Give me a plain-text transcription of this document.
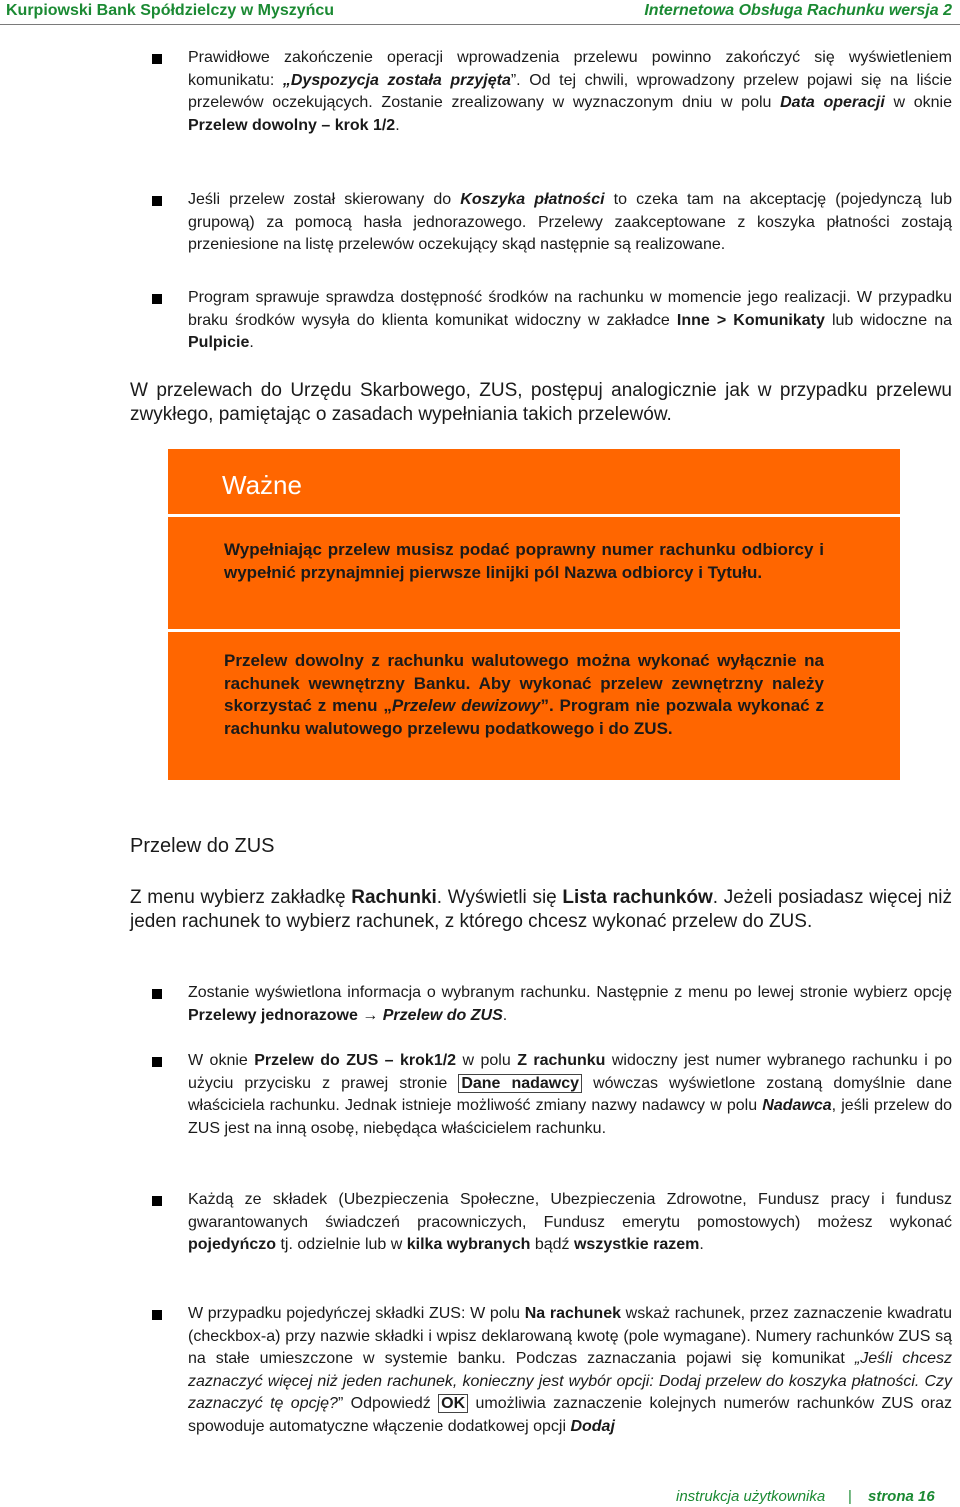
Kurpiowski Bank Spółdzielczy w Myszyńcu	Internetowa Obsługa Rachunku wersja 2
Prawidłowe zakończenie operacji wprowadzenia przelewu powinno zakończyć się wyświetleniem komunikatu: „Dyspozycja została przyjęta”. Od tej chwili, wprowadzony przelew pojawi się na liście przelewów oczekujących. Zostanie zrealizowany w wyznaczonym dniu w polu Data operacji w oknie Przelew dowolny – krok 1/2.
Jeśli przelew został skierowany do Koszyka płatności to czeka tam na akceptację (pojedynczą lub grupową) za pomocą hasła jednorazowego. Przelewy zaakceptowane z koszyka płatności zostają przeniesione na listę przelewów oczekujący skąd następnie są realizowane.
Program sprawuje sprawdza dostępność środków na rachunku w momencie jego realizacji. W przypadku braku środków wysyła do klienta komunikat widoczny w zakładce Inne > Komunikaty lub widoczne na Pulpicie.
W przelewach do Urzędu Skarbowego, ZUS, postępuj analogicznie jak w przypadku przelewu zwykłego, pamiętając o zasadach wypełniania takich przelewów.
Ważne
Wypełniając przelew musisz podać poprawny numer rachunku odbiorcy i wypełnić przynajmniej pierwsze linijki pól Nazwa odbiorcy i Tytułu.
Przelew dowolny z rachunku walutowego można wykonać wyłącznie na rachunek wewnętrzny Banku. Aby wykonać przelew zewnętrzny należy skorzystać z menu „Przelew dewizowy”. Program nie pozwala wykonać z rachunku walutowego przelewu podatkowego i do ZUS.
Przelew do ZUS
Z menu wybierz zakładkę Rachunki. Wyświetli się Lista rachunków. Jeżeli posiadasz więcej niż jeden rachunek to wybierz rachunek, z którego chcesz wykonać przelew do ZUS.
Zostanie wyświetlona informacja o wybranym rachunku. Następnie z menu po lewej stronie wybierz opcję Przelewy jednorazowe → Przelew do ZUS.
W oknie Przelew do ZUS – krok1/2 w polu Z rachunku widoczny jest numer wybranego rachunku i po użyciu przycisku z prawej stronie Dane nadawcy wówczas wyświetlone zostaną domyślnie dane właściciela rachunku. Jednak istnieje możliwość zmiany nazwy nadawcy w polu Nadawca, jeśli przelew do ZUS jest na inną osobę, niebędąca właścicielem rachunku.
Każdą ze składek (Ubezpieczenia Społeczne, Ubezpieczenia Zdrowotne, Fundusz pracy i fundusz gwarantowanych świadczeń pracowniczych, Fundusz emerytu pomostowych) możesz wykonać pojedyńczo tj. odzielnie lub w kilka wybranych bądź wszystkie razem.
W przypadku pojedyńczej składki ZUS: W polu Na rachunek wskaż rachunek, przez zaznaczenie kwadratu (checkbox-a) przy nazwie składki i wpisz deklarowaną kwotę (pole wymagane). Numery rachunków ZUS są na stałe umieszczone w systemie banku. Podczas zaznaczania pojawi się komunikat „Jeśli chcesz zaznaczyć więcej niż jeden rachunek, konieczny jest wybór opcji: Dodaj przelew do koszyka płatności. Czy zaznaczyć tę opcję?” Odpowiedź OK umożliwia zaznaczenie kolejnych numerów rachunków ZUS oraz spowoduje automatyczne włączenie dodatkowej opcji Dodaj
instrukcja użytkownika | strona 16
